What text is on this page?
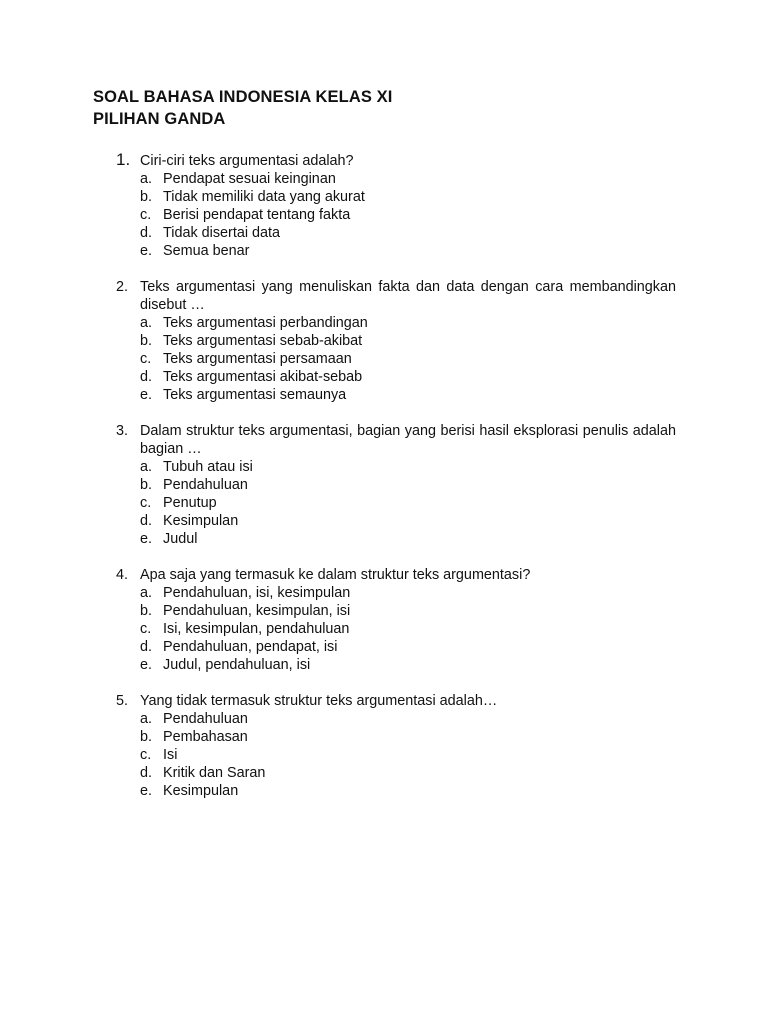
SOAL BAHASA INDONESIA KELAS XI
PILIHAN GANDA
1. Ciri-ciri teks argumentasi adalah?
a. Pendapat sesuai keinginan
b. Tidak memiliki data yang akurat
c. Berisi pendapat tentang fakta
d. Tidak disertai data
e. Semua benar
2. Teks argumentasi yang menuliskan fakta dan data dengan cara membandingkan disebut …
a. Teks argumentasi perbandingan
b. Teks argumentasi sebab-akibat
c. Teks argumentasi persamaan
d. Teks argumentasi akibat-sebab
e. Teks argumentasi semaunya
3. Dalam struktur teks argumentasi, bagian yang berisi hasil eksplorasi penulis adalah bagian …
a. Tubuh atau isi
b. Pendahuluan
c. Penutup
d. Kesimpulan
e. Judul
4. Apa saja yang termasuk ke dalam struktur teks argumentasi?
a. Pendahuluan, isi, kesimpulan
b. Pendahuluan, kesimpulan, isi
c. Isi, kesimpulan, pendahuluan
d. Pendahuluan, pendapat, isi
e. Judul, pendahuluan, isi
5. Yang tidak termasuk struktur teks argumentasi adalah…
a. Pendahuluan
b. Pembahasan
c. Isi
d. Kritik dan Saran
e. Kesimpulan
